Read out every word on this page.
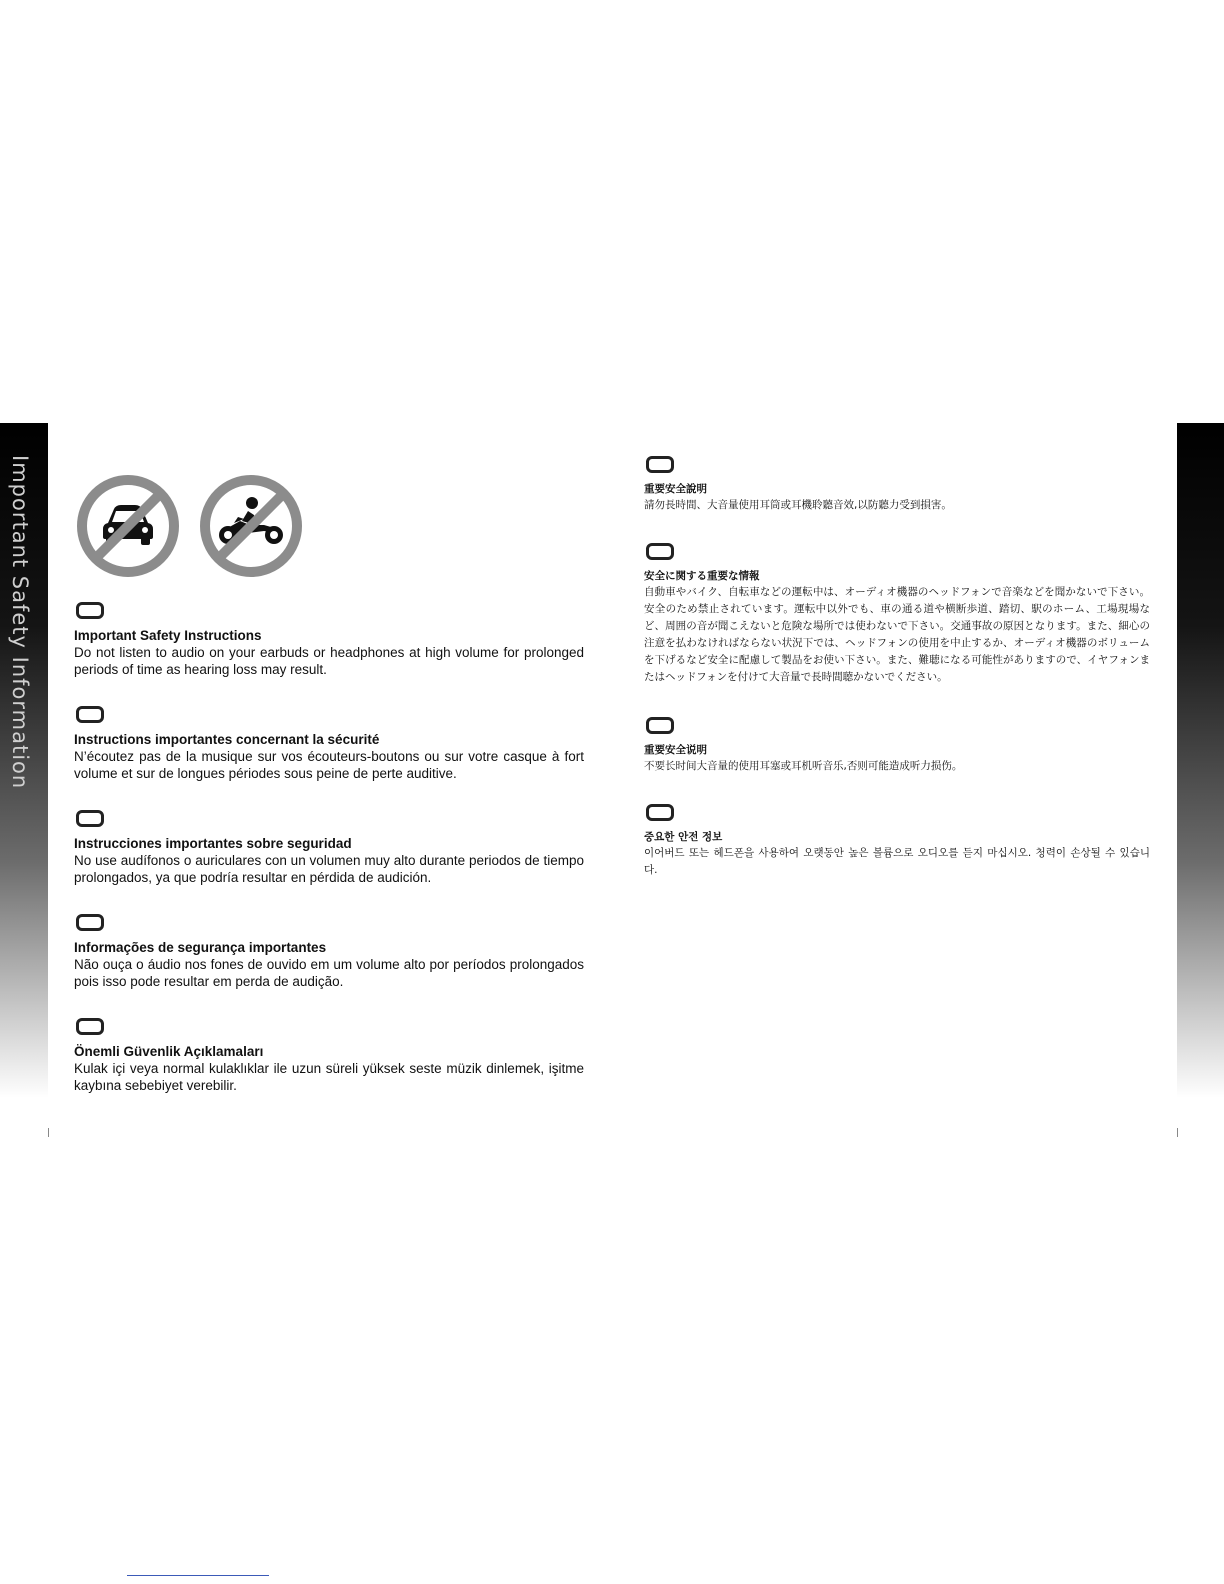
Important Safety Information	Important Safety Instructions
Do not listen to audio on your earbuds or headphones at high volume for prolonged periods of time as hearing loss may result.
Instructions importantes concernant la sécurité
N’écoutez pas de la musique sur vos écouteurs-boutons ou sur votre casque à fort volume et sur de longues périodes sous peine de perte auditive.
Instrucciones importantes sobre seguridad
No use audífonos o auriculares con un volumen muy alto durante periodos de tiempo prolongados, ya que podría resultar en pérdida de audición.
Informações de segurança importantes
Não ouça o áudio nos fones de ouvido em um volume alto por períodos prolongados pois isso pode resultar em perda de audição.
Önemli Güvenlik Açıklamaları
Kulak içi veya normal kulaklıklar ile uzun süreli yüksek seste müzik dinlemek, işitme kaybına sebebiyet verebilir.
重要安全說明
請勿長時間、大音量使用耳筒或耳機聆聽音效,以防聽力受到損害。
安全に関する重要な情報
自動車やバイク、自転車などの運転中は、オーディオ機器のヘッドフォンで音楽などを聞かないで下さい。安全のため禁止されています。運転中以外でも、車の通る道や横断歩道、踏切、駅のホーム、工場現場など、周囲の音が聞こえないと危険な場所では使わないで下さい。交通事故の原因となります。また、細心の注意を払わなければならない状況下では、ヘッドフォンの使用を中止するか、オーディオ機器のボリュームを下げるなど安全に配慮して製品をお使い下さい。また、難聴になる可能性がありますので、イヤフォンまたはヘッドフォンを付けて大音量で長時間聴かないでください。
重要安全说明
不要长时间大音量的使用耳塞或耳机听音乐,否则可能造成听力损伤。
중요한 안전 정보
이어버드 또는 헤드폰을 사용하여 오랫동안 높은 볼륨으로 오디오를 듣지 마십시오. 청력이 손상될 수 있습니다.
